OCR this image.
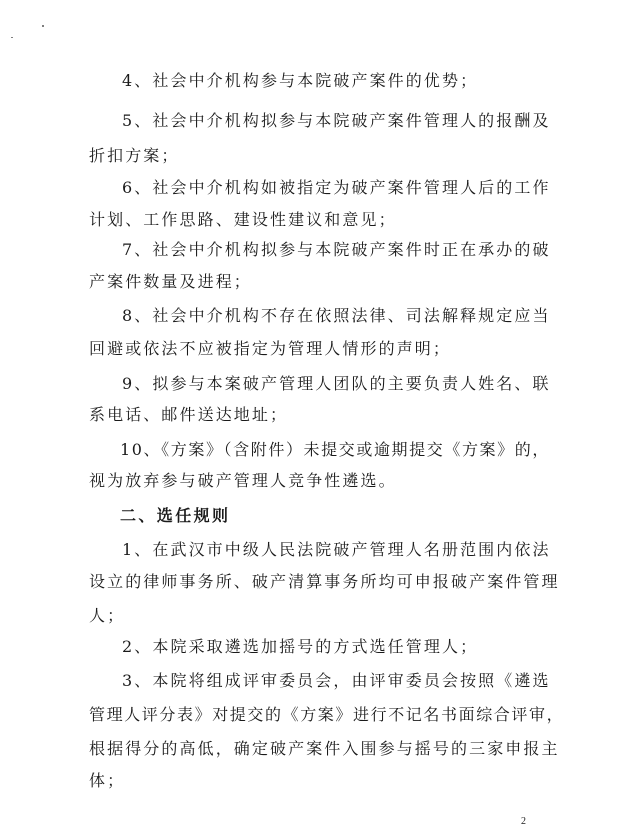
4、社会中介机构参与本院破产案件的优势；
5、社会中介机构拟参与本院破产案件管理人的报酬及
折扣方案；
6、社会中介机构如被指定为破产案件管理人后的工作
计划、工作思路、建设性建议和意见；
7、社会中介机构拟参与本院破产案件时正在承办的破
产案件数量及进程；
8、社会中介机构不存在依照法律、司法解释规定应当
回避或依法不应被指定为管理人情形的声明；
9、拟参与本案破产管理人团队的主要负责人姓名、联
系电话、邮件送达地址；
10、《方案》（含附件）未提交或逾期提交《方案》的，
视为放弃参与破产管理人竞争性遴选。
二、选任规则
1、在武汉市中级人民法院破产管理人名册范围内依法
设立的律师事务所、破产清算事务所均可申报破产案件管理
人；
2、本院采取遴选加摇号的方式选任管理人；
3、本院将组成评审委员会，由评审委员会按照《遴选
管理人评分表》对提交的《方案》进行不记名书面综合评审，
根据得分的高低，确定破产案件入围参与摇号的三家申报主
体；
2
